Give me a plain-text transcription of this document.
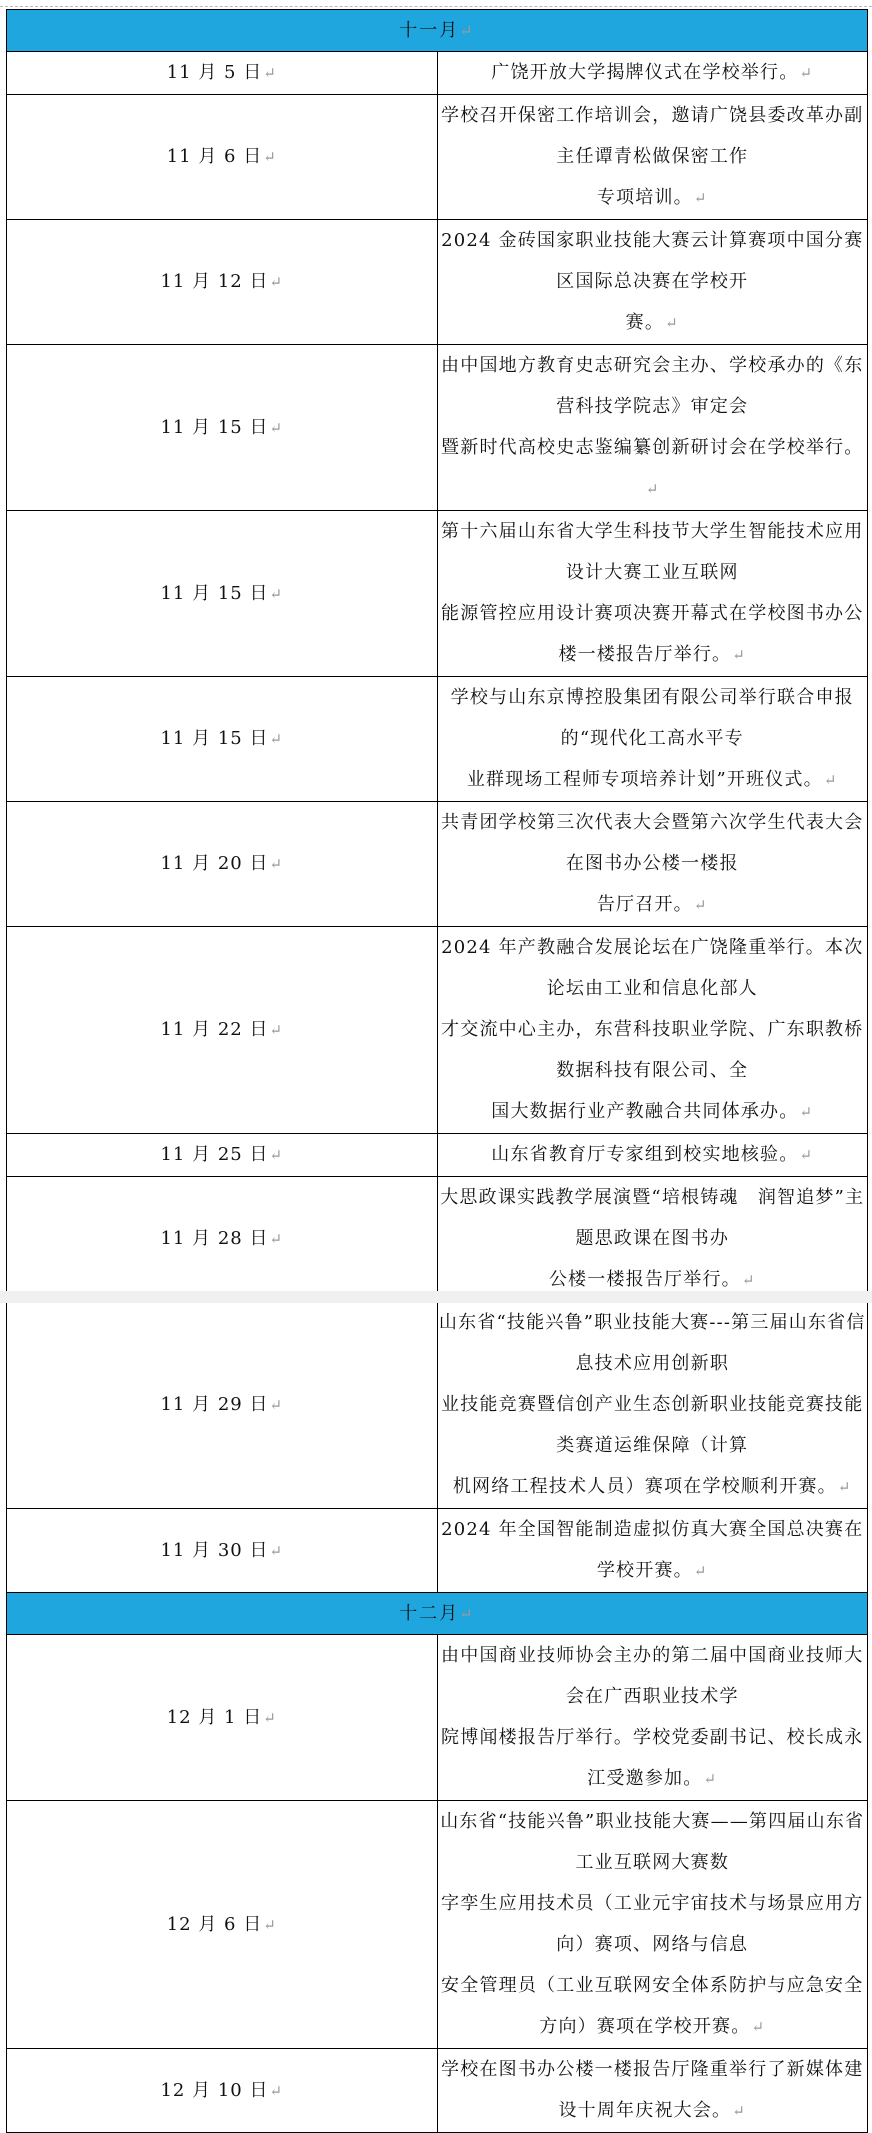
十一月↵	
11 月 5 日↵	广饶开放大学揭牌仪式在学校举行。↵

11 月 6 日↵	学校召开保密工作培训会，邀请广饶县委改革办副主任谭青松做保密工作
专项培训。↵

11 月 12 日↵	2024 金砖国家职业技能大赛云计算赛项中国分赛区国际总决赛在学校开
赛。↵

11 月 15 日↵	由中国地方教育史志研究会主办、学校承办的《东营科技学院志》审定会
暨新时代高校史志鉴编纂创新研讨会在学校举行。↵

11 月 15 日↵	第十六届山东省大学生科技节大学生智能技术应用设计大赛工业互联网
能源管控应用设计赛项决赛开幕式在学校图书办公楼一楼报告厅举行。↵

11 月 15 日↵	学校与山东京博控股集团有限公司举行联合申报的“现代化工高水平专
业群现场工程师专项培养计划”开班仪式。↵

11 月 20 日↵	共青团学校第三次代表大会暨第六次学生代表大会在图书办公楼一楼报
告厅召开。↵

11 月 22 日↵	2024 年产教融合发展论坛在广饶隆重举行。本次论坛由工业和信息化部人
才交流中心主办，东营科技职业学院、广东职教桥数据科技有限公司、全
国大数据行业产教融合共同体承办。↵

11 月 25 日↵	山东省教育厅专家组到校实地核验。↵

11 月 28 日↵	大思政课实践教学展演暨“培根铸魂　润智追梦”主题思政课在图书办
公楼一楼报告厅举行。↵

11 月 29 日↵	山东省“技能兴鲁”职业技能大赛---第三届山东省信息技术应用创新职
业技能竞赛暨信创产业生态创新职业技能竞赛技能类赛道运维保障（计算
机网络工程技术人员）赛项在学校顺利开赛。↵

11 月 30 日↵	2024 年全国智能制造虚拟仿真大赛全国总决赛在学校开赛。↵

十二月↵	
12 月 1 日↵	由中国商业技师协会主办的第二届中国商业技师大会在广西职业技术学
院博闻楼报告厅举行。学校党委副书记、校长成永江受邀参加。↵

12 月 6 日↵	山东省“技能兴鲁”职业技能大赛——第四届山东省工业互联网大赛数
字孪生应用技术员（工业元宇宙技术与场景应用方向）赛项、网络与信息
安全管理员（工业互联网安全体系防护与应急安全方向）赛项在学校开赛。↵

12 月 10 日↵	学校在图书办公楼一楼报告厅隆重举行了新媒体建设十周年庆祝大会。↵
